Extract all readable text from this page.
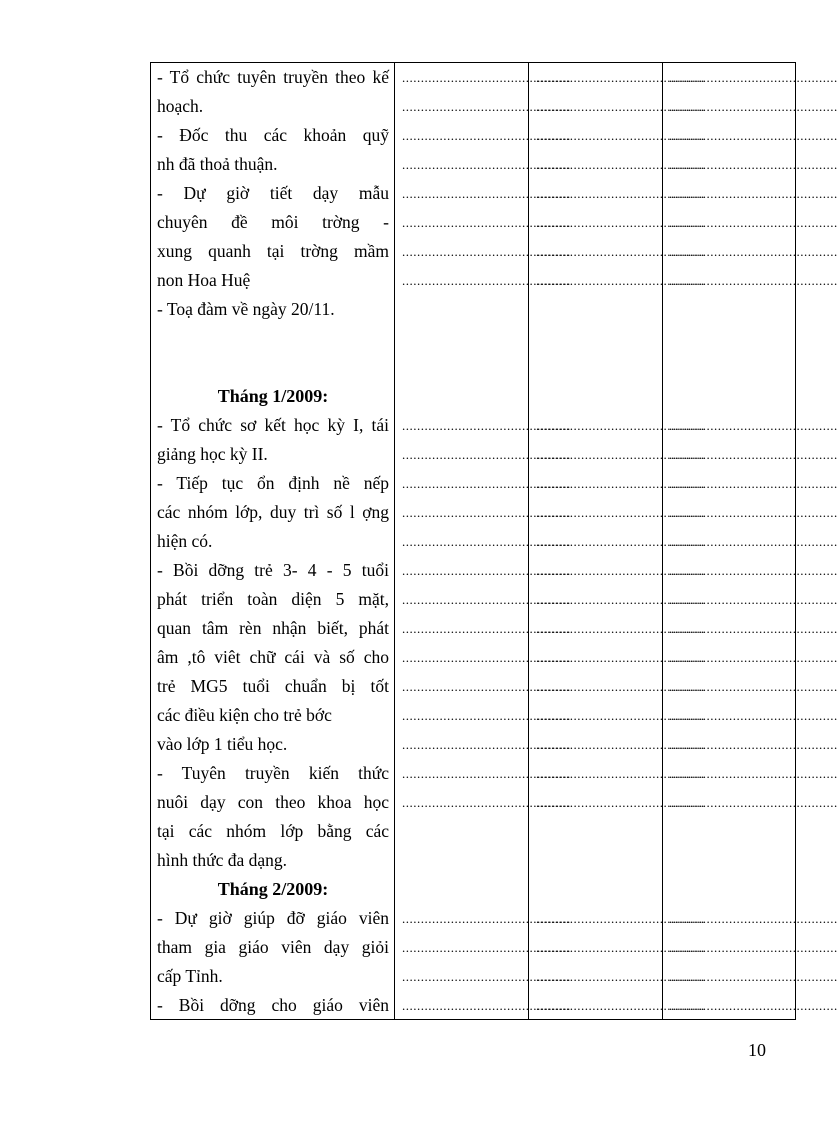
- Tổ chức tuyên truyền theo kế
hoạch.
- Đốc thu các khoản quỹ
nh đã thoả thuận.
- Dự giờ tiết dạy mẫu
chuyên đề môi trờng -
xung quanh tại trờng mầm
non Hoa Huệ
- Toạ đàm về ngày 20/11.
Tháng 1/2009:
- Tổ chức sơ kết học kỳ I, tái
giảng học kỳ II.
- Tiếp tục ổn định nề nếp
các nhóm lớp, duy trì số l ợng
hiện có.
- Bồi dỡng trẻ 3- 4 - 5 tuổi
phát triển toàn diện 5 mặt,
quan tâm rèn nhận biết, phát
âm ,tô viêt chữ cái và số cho
trẻ MG5 tuổi chuẩn bị tốt
các điều kiện cho trẻ bớc
vào lớp 1 tiểu học.
- Tuyên truyền kiến thức
nuôi dạy con theo khoa học
tại các nhóm lớp bằng các
hình thức đa dạng.
Tháng 2/2009:
- Dự giờ giúp đỡ giáo viên
tham gia giáo viên dạy giỏi
cấp Tỉnh.
- Bồi dỡng cho giáo viên
.............................................
.............................................
.............................................
.............................................
.............................................
.............................................
.............................................
.............................................
.............................................
.............................................
.............................................
.............................................
.............................................
.............................................
.............................................
.............................................
.............................................
.............................................
.............................................
.............................................
.............................................
.............................................
.............................................
.............................................
.............................................
.............................................
.............................................
.............................................
.............................................
.............................................
.............................................
.............................................
.............................................
.............................................
.............................................
.............................................
.............................................
.............................................
.............................................
.............................................
.............................................
.............................................
.............................................
.............................................
.............................................
.............................................
.............................................
.............................................
.............................................
.............................................
.............................................
.............................................
.............................................
.............................................
.............................................
.............................................
.............................................
.............................................
.............................................
.............................................
.............................................
.............................................
.............................................
.............................................
.............................................
.............................................
.............................................
.............................................
.............................................
.............................................
.............................................
.............................................
.............................................
.............................................
.............................................
.............................................
.............................................
.............................................
10
